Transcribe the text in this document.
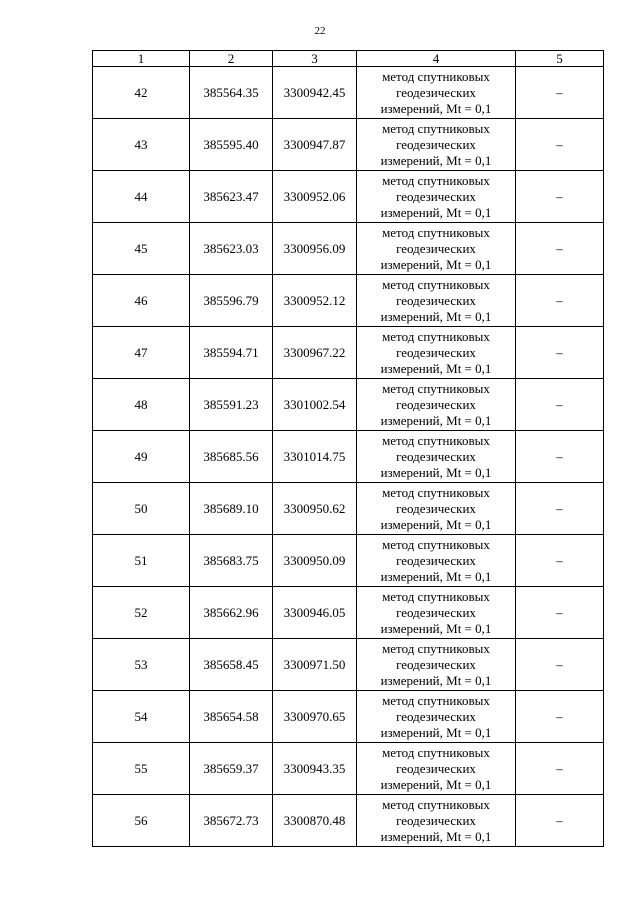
22
1	2	3	4	5
42	385564.35	3300942.45	метод спутниковых
геодезических
измерений, Mt = 0,1	–
43	385595.40	3300947.87	метод спутниковых
геодезических
измерений, Mt = 0,1	–
44	385623.47	3300952.06	метод спутниковых
геодезических
измерений, Mt = 0,1	–
45	385623.03	3300956.09	метод спутниковых
геодезических
измерений, Mt = 0,1	–
46	385596.79	3300952.12	метод спутниковых
геодезических
измерений, Mt = 0,1	–
47	385594.71	3300967.22	метод спутниковых
геодезических
измерений, Mt = 0,1	–
48	385591.23	3301002.54	метод спутниковых
геодезических
измерений, Mt = 0,1	–
49	385685.56	3301014.75	метод спутниковых
геодезических
измерений, Mt = 0,1	–
50	385689.10	3300950.62	метод спутниковых
геодезических
измерений, Mt = 0,1	–
51	385683.75	3300950.09	метод спутниковых
геодезических
измерений, Mt = 0,1	–
52	385662.96	3300946.05	метод спутниковых
геодезических
измерений, Mt = 0,1	–
53	385658.45	3300971.50	метод спутниковых
геодезических
измерений, Mt = 0,1	–
54	385654.58	3300970.65	метод спутниковых
геодезических
измерений, Mt = 0,1	–
55	385659.37	3300943.35	метод спутниковых
геодезических
измерений, Mt = 0,1	–
56	385672.73	3300870.48	метод спутниковых
геодезических
измерений, Mt = 0,1	–
